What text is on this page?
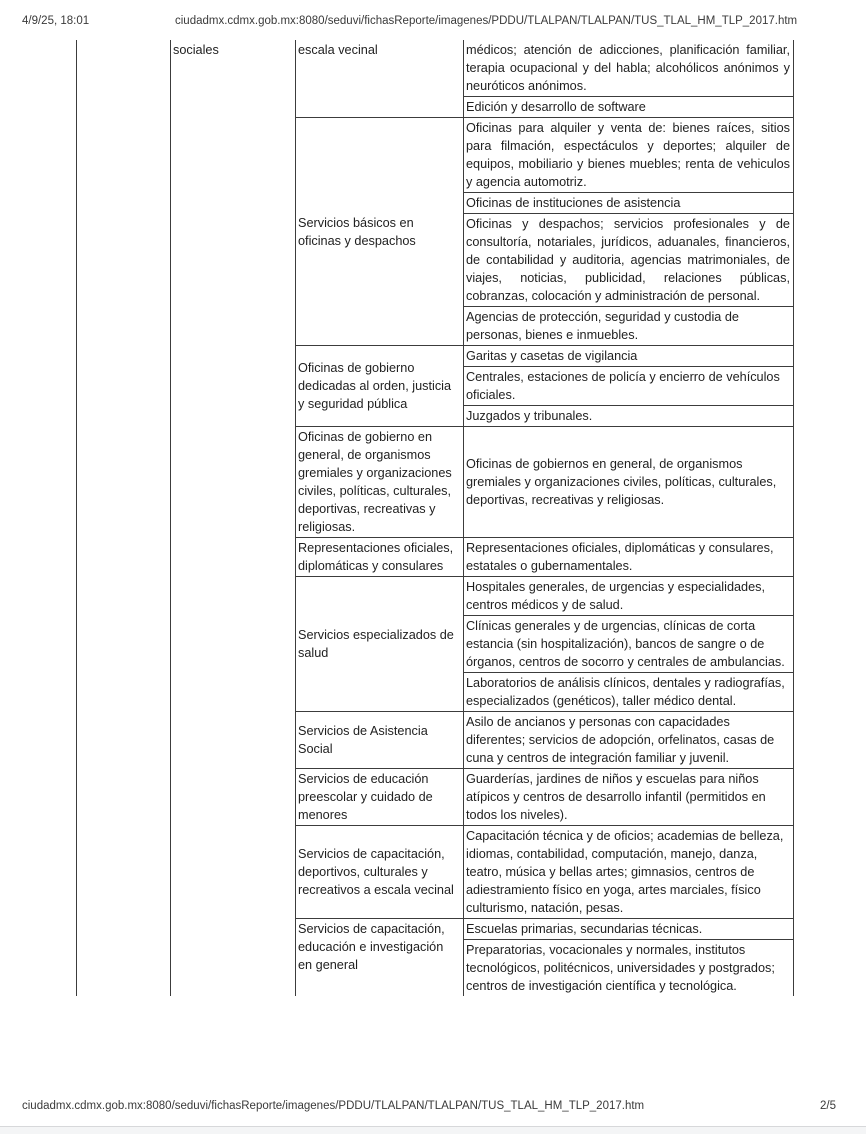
4/9/25, 18:01	ciudadmx.cdmx.gob.mx:8080/seduvi/fichasReporte/imagenes/PDDU/TLALPAN/TLALPAN/TUS_TLAL_HM_TLP_2017.htm
	sociales	escala vecinal	médicos; atención de adicciones, planificación familiar, terapia ocupacional y del habla; alcohólicos anónimos y neuróticos anónimos.
			Edición y desarrollo de software
		Servicios básicos en oficinas y despachos	Oficinas para alquiler y venta de: bienes raíces, sitios para filmación, espectáculos y deportes; alquiler de equipos, mobiliario y bienes muebles; renta de vehiculos y agencia automotriz.
			Oficinas de instituciones de asistencia
			Oficinas y despachos; servicios profesionales y de consultoría, notariales, jurídicos, aduanales, financieros, de contabilidad y auditoria, agencias matrimoniales, de viajes, noticias, publicidad, relaciones públicas, cobranzas, colocación y administración de personal.
			Agencias de protección, seguridad y custodia de personas, bienes e inmuebles.
		Oficinas de gobierno dedicadas al orden, justicia y seguridad pública	Garitas y casetas de vigilancia
			Centrales, estaciones de policía y encierro de vehículos oficiales.
			Juzgados y tribunales.
		Oficinas de gobierno en general, de organismos gremiales y organizaciones civiles, políticas, culturales, deportivas, recreativas y religiosas.	Oficinas de gobiernos en general, de organismos gremiales y organizaciones civiles, políticas, culturales, deportivas, recreativas y religiosas.
		Representaciones oficiales, diplomáticas y consulares	Representaciones oficiales, diplomáticas y consulares, estatales o gubernamentales.
		Servicios especializados de salud	Hospitales generales, de urgencias y especialidades, centros médicos y de salud.
			Clínicas generales y de urgencias, clínicas de corta estancia (sin hospitalización), bancos de sangre o de órganos, centros de socorro y centrales de ambulancias.
			Laboratorios de análisis clínicos, dentales y radiografías, especializados (genéticos), taller médico dental.
		Servicios de Asistencia Social	Asilo de ancianos y personas con capacidades diferentes; servicios de adopción, orfelinatos, casas de cuna y centros de integración familiar y juvenil.
		Servicios de educación preescolar y cuidado de menores	Guarderías, jardines de niños y escuelas para niños atípicos y centros de desarrollo infantil (permitidos en todos los niveles).
		Servicios de capacitación, deportivos, culturales y recreativos a escala vecinal	Capacitación técnica y de oficios; academias de belleza, idiomas, contabilidad, computación, manejo, danza, teatro, música y bellas artes; gimnasios, centros de adiestramiento físico en yoga, artes marciales, físico culturismo, natación, pesas.
		Servicios de capacitación, educación e investigación en general	Escuelas primarias, secundarias técnicas.
			Preparatorias, vocacionales y normales, institutos tecnológicos, politécnicos, universidades y postgrados; centros de investigación científica y tecnológica.
ciudadmx.cdmx.gob.mx:8080/seduvi/fichasReporte/imagenes/PDDU/TLALPAN/TLALPAN/TUS_TLAL_HM_TLP_2017.htm	2/5
